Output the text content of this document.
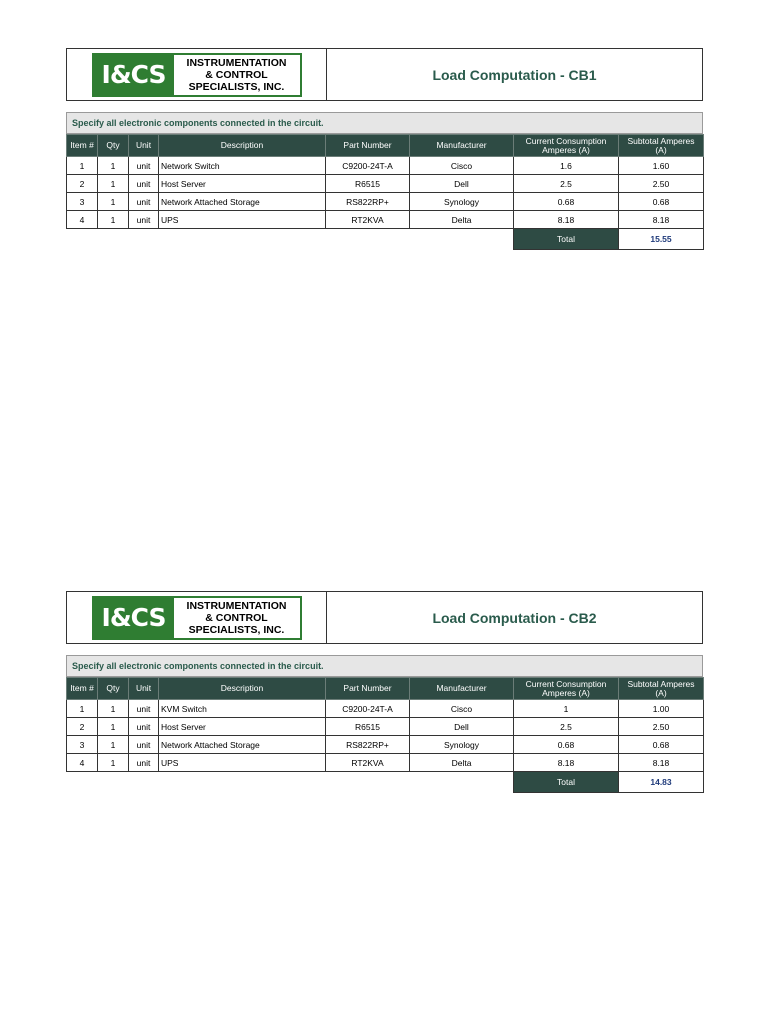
I&CS	INSTRUMENTATION
& CONTROL
SPECIALISTS, INC.
Load Computation - CB1
Specify all electronic components connected in the circuit.
Item #	Qty	Unit	Description	Part Number	Manufacturer	Current Consumption Amperes (A)	Subtotal Amperes (A)
1	1	unit	Network Switch	C9200-24T-A	Cisco	1.6	1.60
2	1	unit	Host Server	R6515	Dell	2.5	2.50
3	1	unit	Network Attached Storage	RS822RP+	Synology	0.68	0.68
4	1	unit	UPS	RT2KVA	Delta	8.18	8.18
						Total	15.55
I&CS	INSTRUMENTATION
& CONTROL
SPECIALISTS, INC.
Load Computation - CB2
Specify all electronic components connected in the circuit.
Item #	Qty	Unit	Description	Part Number	Manufacturer	Current Consumption Amperes (A)	Subtotal Amperes (A)
1	1	unit	KVM Switch	C9200-24T-A	Cisco	1	1.00
2	1	unit	Host Server	R6515	Dell	2.5	2.50
3	1	unit	Network Attached Storage	RS822RP+	Synology	0.68	0.68
4	1	unit	UPS	RT2KVA	Delta	8.18	8.18
						Total	14.83
